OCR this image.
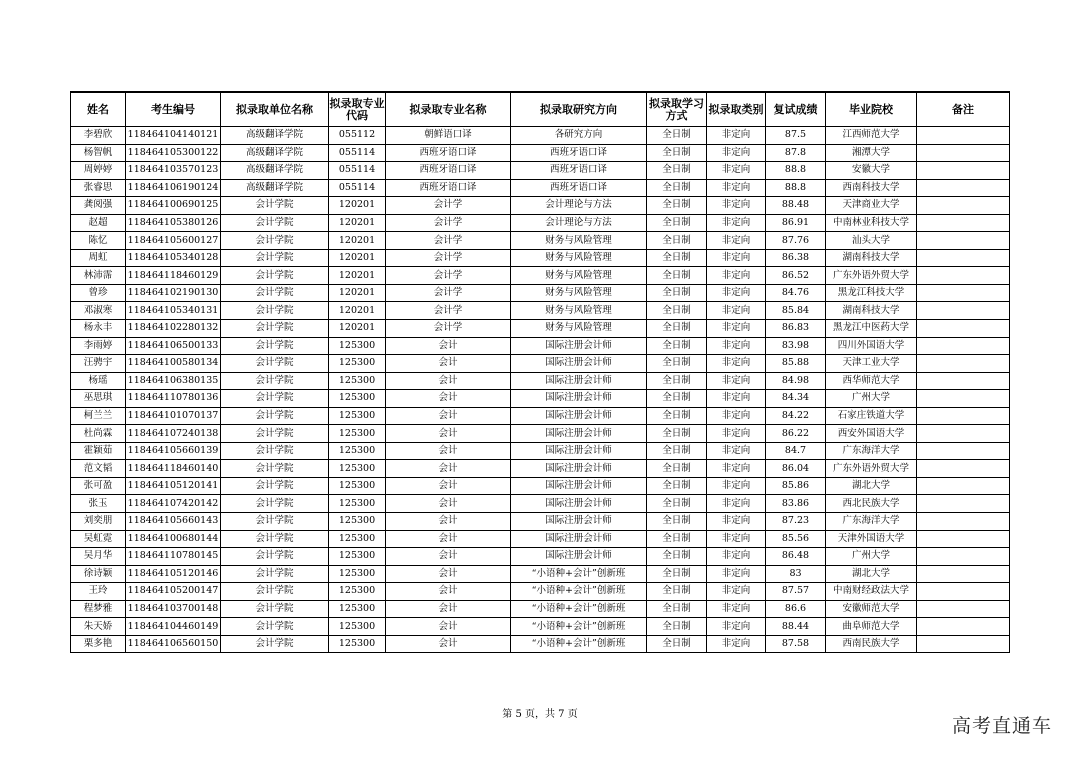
姓名	考生编号	拟录取单位名称	拟录取专业代码	拟录取专业名称	拟录取研究方向	拟录取学习方式	拟录取类别	复试成绩	毕业院校	备注
李碧欣	118464104140121	高级翻译学院	055112	朝鲜语口译	各研究方向	全日制	非定向	87.5	江西师范大学	
杨智帆	118464105300122	高级翻译学院	055114	西班牙语口译	西班牙语口译	全日制	非定向	87.8	湘潭大学	
周婷婷	118464103570123	高级翻译学院	055114	西班牙语口译	西班牙语口译	全日制	非定向	88.8	安徽大学	
张睿思	118464106190124	高级翻译学院	055114	西班牙语口译	西班牙语口译	全日制	非定向	88.8	西南科技大学	
龚阅强	118464100690125	会计学院	120201	会计学	会计理论与方法	全日制	非定向	88.48	天津商业大学	
赵超	118464105380126	会计学院	120201	会计学	会计理论与方法	全日制	非定向	86.91	中南林业科技大学	
陈忆	118464105600127	会计学院	120201	会计学	财务与风险管理	全日制	非定向	87.76	汕头大学	
周虹	118464105340128	会计学院	120201	会计学	财务与风险管理	全日制	非定向	86.38	湖南科技大学	
林沛霈	118464118460129	会计学院	120201	会计学	财务与风险管理	全日制	非定向	86.52	广东外语外贸大学	
曾珍	118464102190130	会计学院	120201	会计学	财务与风险管理	全日制	非定向	84.76	黑龙江科技大学	
邓淑寒	118464105340131	会计学院	120201	会计学	财务与风险管理	全日制	非定向	85.84	湖南科技大学	
杨永丰	118464102280132	会计学院	120201	会计学	财务与风险管理	全日制	非定向	86.83	黑龙江中医药大学	
李雨婷	118464106500133	会计学院	125300	会计	国际注册会计师	全日制	非定向	83.98	四川外国语大学	
汪骋宇	118464100580134	会计学院	125300	会计	国际注册会计师	全日制	非定向	85.88	天津工业大学	
杨瑶	118464106380135	会计学院	125300	会计	国际注册会计师	全日制	非定向	84.98	西华师范大学	
巫思琪	118464110780136	会计学院	125300	会计	国际注册会计师	全日制	非定向	84.34	广州大学	
柯兰兰	118464101070137	会计学院	125300	会计	国际注册会计师	全日制	非定向	84.22	石家庄铁道大学	
杜尚霖	118464107240138	会计学院	125300	会计	国际注册会计师	全日制	非定向	86.22	西安外国语大学	
霍颖茹	118464105660139	会计学院	125300	会计	国际注册会计师	全日制	非定向	84.7	广东海洋大学	
范文韬	118464118460140	会计学院	125300	会计	国际注册会计师	全日制	非定向	86.04	广东外语外贸大学	
张可盈	118464105120141	会计学院	125300	会计	国际注册会计师	全日制	非定向	85.86	湖北大学	
张玉	118464107420142	会计学院	125300	会计	国际注册会计师	全日制	非定向	83.86	西北民族大学	
刘奕朋	118464105660143	会计学院	125300	会计	国际注册会计师	全日制	非定向	87.23	广东海洋大学	
吴虹霓	118464100680144	会计学院	125300	会计	国际注册会计师	全日制	非定向	85.56	天津外国语大学	
吴月华	118464110780145	会计学院	125300	会计	国际注册会计师	全日制	非定向	86.48	广州大学	
徐诗颖	118464105120146	会计学院	125300	会计	“小语种+会计”创新班	全日制	非定向	83	湖北大学	
王玲	118464105200147	会计学院	125300	会计	“小语种+会计”创新班	全日制	非定向	87.57	中南财经政法大学	
程梦雅	118464103700148	会计学院	125300	会计	“小语种+会计”创新班	全日制	非定向	86.6	安徽师范大学	
朱天娇	118464104460149	会计学院	125300	会计	“小语种+会计”创新班	全日制	非定向	88.44	曲阜师范大学	
栗多艳	118464106560150	会计学院	125300	会计	“小语种+会计”创新班	全日制	非定向	87.58	西南民族大学	
第 5 页，共 7 页
高考直通车
